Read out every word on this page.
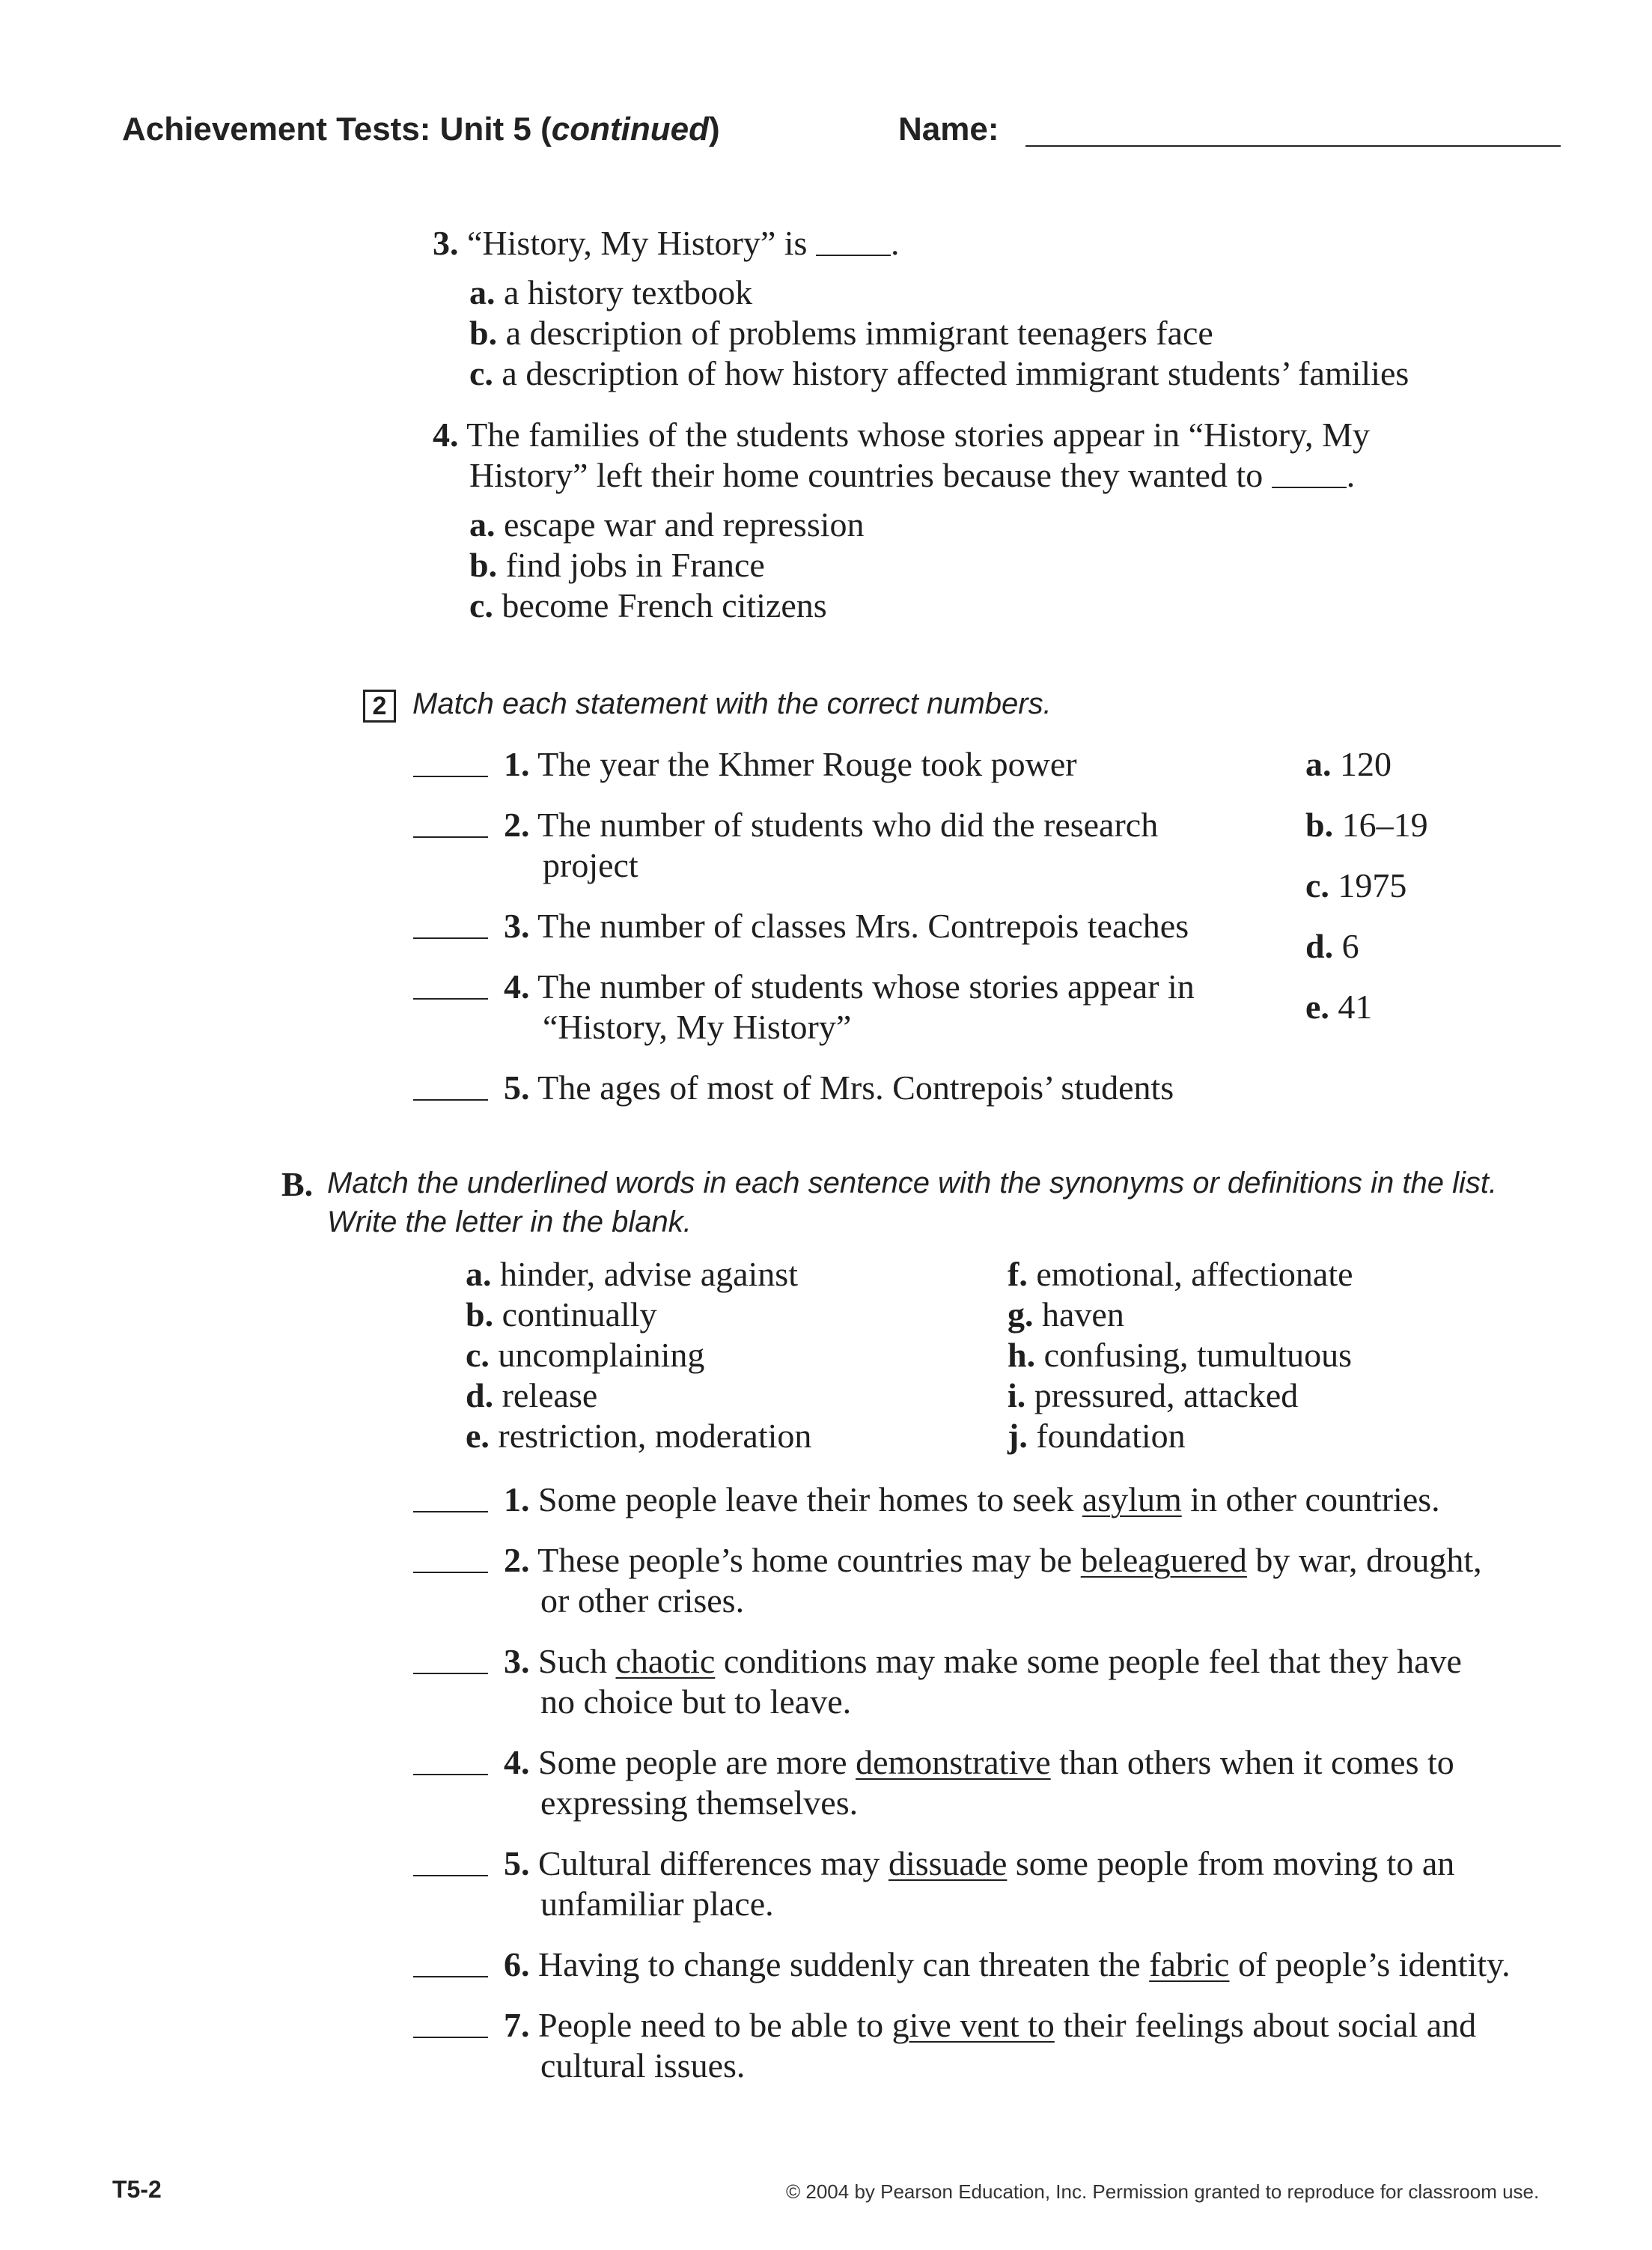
Achievement Tests: Unit 5 (continued)	Name:
3. “History, My History” is .
a. a history textbook
b. a description of problems immigrant teenagers face
c. a description of how history affected immigrant students’ families
4. The families of the students whose stories appear in “History, My
History” left their home countries because they wanted to .
a. escape war and repression
b. find jobs in France
c. become French citizens
2 Match each statement with the correct numbers.
1. The year the Khmer Rouge took power
2. The number of students who did the research
project
3. The number of classes Mrs. Contrepois teaches
4. The number of students whose stories appear in
“History, My History”
5. The ages of most of Mrs. Contrepois’ students
a. 120
b. 16–19
c. 1975
d. 6
e. 41
B. Match the underlined words in each sentence with the synonyms or definitions in the list.
Write the letter in the blank.
a. hinder, advise against
b. continually
c. uncomplaining
d. release
e. restriction, moderation
f. emotional, affectionate
g. haven
h. confusing, tumultuous
i. pressured, attacked
j. foundation
1. Some people leave their homes to seek asylum in other countries.
2. These people’s home countries may be beleaguered by war, drought,
or other crises.
3. Such chaotic conditions may make some people feel that they have
no choice but to leave.
4. Some people are more demonstrative than others when it comes to
expressing themselves.
5. Cultural differences may dissuade some people from moving to an
unfamiliar place.
6. Having to change suddenly can threaten the fabric of people’s identity.
7. People need to be able to give vent to their feelings about social and
cultural issues.
T5-2	© 2004 by Pearson Education, Inc. Permission granted to reproduce for classroom use.
